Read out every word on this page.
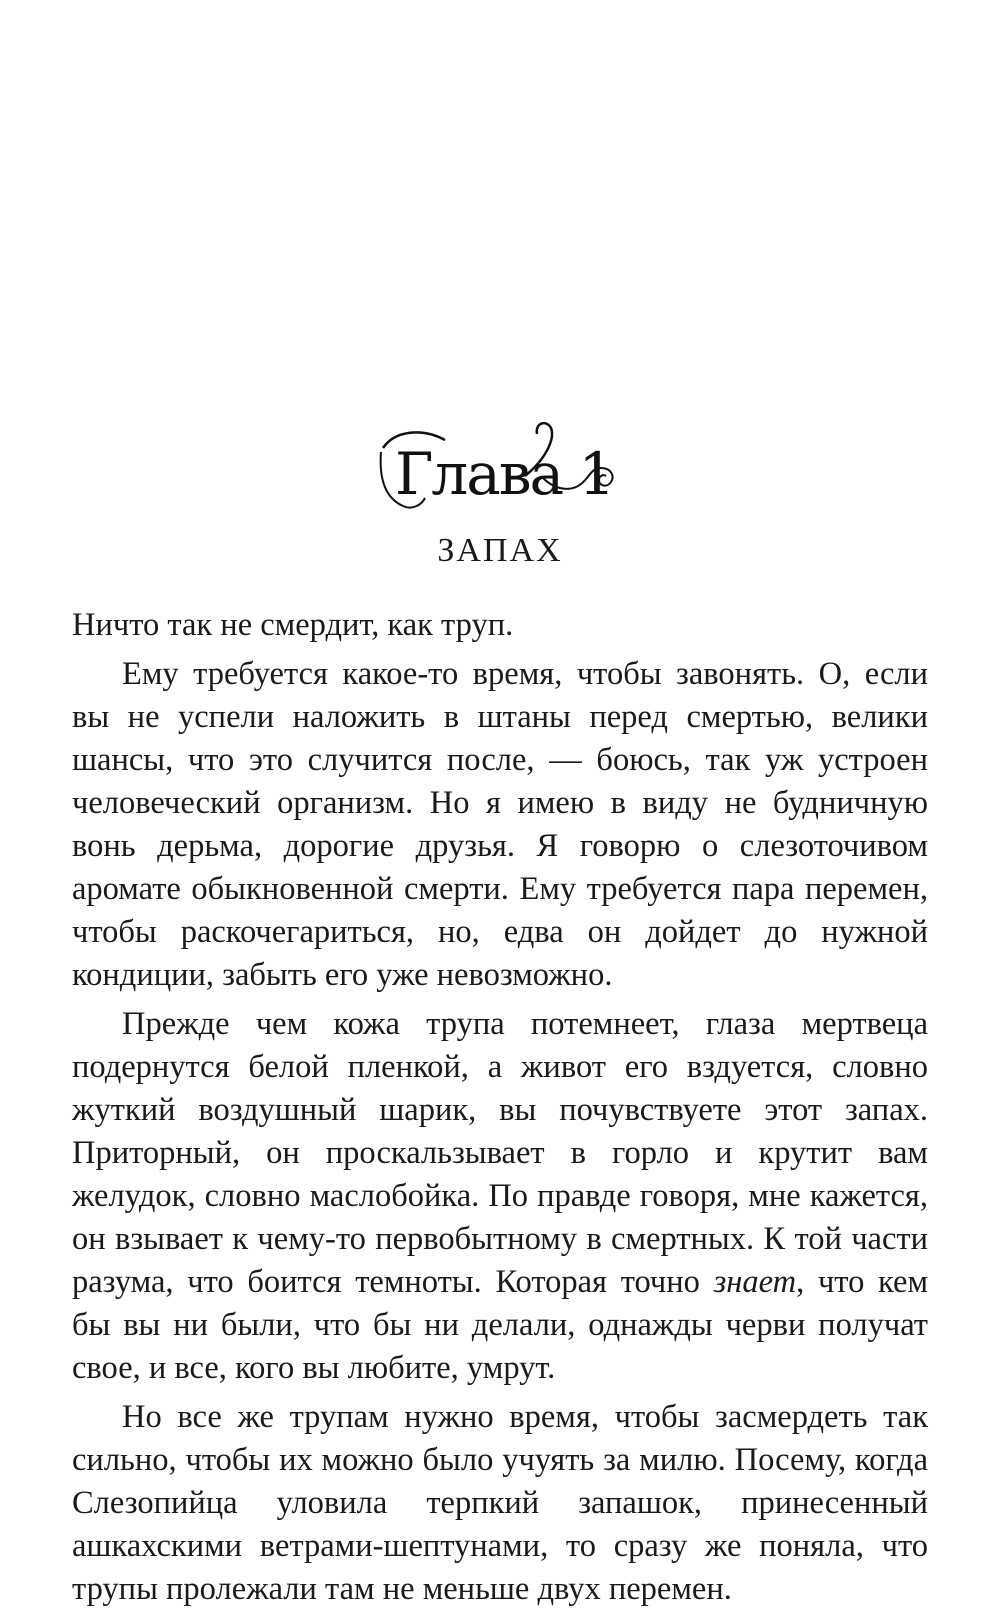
Глава 1
ЗАПАХ

Ничто так не смердит, как труп.

Ему требуется какое-то время, чтобы завонять. О, если вы не успели наложить в штаны перед смертью, велики шансы, что это случится после, — боюсь, так уж устроен человеческий организм. Но я имею в виду не будничную вонь дерьма, дорогие друзья. Я говорю о слезоточивом аромате обыкновенной смерти. Ему требуется пара перемен, чтобы раскочегариться, но, едва он дойдет до нужной кондиции, забыть его уже невозможно.

Прежде чем кожа трупа потемнеет, глаза мертвеца подернутся белой пленкой, а живот его вздуется, словно жуткий воздушный шарик, вы почувствуете этот запах. Приторный, он проскальзывает в горло и крутит вам желудок, словно маслобойка. По правде говоря, мне кажется, он взывает к чему-то первобытному в смертных. К той части разума, что боится темноты. Которая точно знает, что кем бы вы ни были, что бы ни делали, однажды черви получат свое, и все, кого вы любите, умрут.

Но все же трупам нужно время, чтобы засмердеть так сильно, чтобы их можно было учуять за милю. Посему, когда Слезопийца уловила терпкий запашок, принесенный ашкахскими ветрами-шептунами, то сразу же поняла, что трупы пролежали там не меньше двух перемен.
